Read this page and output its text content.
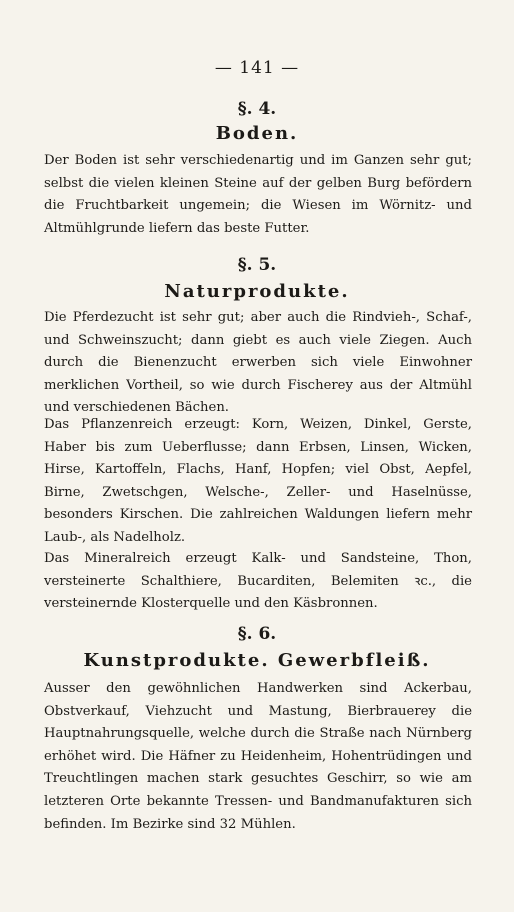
— 141 —
§. 4.
Boden.

Der Boden ist sehr verschiedenartig und im Ganzen sehr gut; selbst die vielen kleinen Steine auf der gelben Burg befördern die Fruchtbarkeit ungemein; die Wiesen im Wörnitz- und Altmühlgrunde liefern das beste Futter.

§. 5.
Naturprodukte.

Die Pferdezucht ist sehr gut; aber auch die Rindvieh-, Schaf-, und Schweinszucht; dann giebt es auch viele Ziegen. Auch durch die Bienenzucht erwerben sich viele Einwohner merklichen Vortheil, so wie durch Fischerey aus der Altmühl und verschiedenen Bächen.

Das Pflanzenreich erzeugt: Korn, Weizen, Dinkel, Gerste, Haber bis zum Ueberflusse; dann Erbsen, Linsen, Wicken, Hirse, Kartoffeln, Flachs, Hanf, Hopfen; viel Obst, Aepfel, Birne, Zwetschgen, Welsche-, Zeller- und Haselnüsse, besonders Kirschen. Die zahlreichen Waldungen liefern mehr Laub-, als Nadelholz.

Das Mineralreich erzeugt Kalk- und Sandsteine, Thon, versteinerte Schalthiere, Bucarditen, Belemiten ꝛc., die versteinernde Klosterquelle und den Käsbronnen.

§. 6.
Kunstprodukte. Gewerbfleiß.

Ausser den gewöhnlichen Handwerken sind Ackerbau, Obstverkauf, Viehzucht und Mastung, Bierbrauerey die Hauptnahrungsquelle, welche durch die Straße nach Nürnberg erhöhet wird. Die Häfner zu Heidenheim, Hohentrüdingen und Treuchtlingen machen stark gesuchtes Geschirr, so wie am letzteren Orte bekannte Tressen- und Bandmanufakturen sich befinden. Im Bezirke sind 32 Mühlen.
